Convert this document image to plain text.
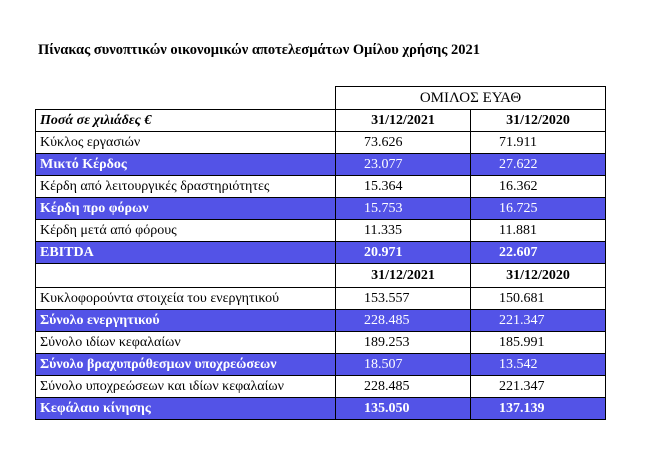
Πίνακας συνοπτικών οικονομικών αποτελεσμάτων Ομίλου χρήσης 2021
	ΟΜΙΛΟΣ ΕΥΑΘ	
Ποσά σε χιλιάδες €	31/12/2021	31/12/2020
Κύκλος εργασιών	73.626	71.911
Μικτό Κέρδος	23.077	27.622
Κέρδη από λειτουργικές δραστηριότητες	15.364	16.362
Κέρδη προ φόρων	15.753	16.725
Κέρδη μετά από φόρους	11.335	11.881
EBITDA	20.971	22.607
	31/12/2021	31/12/2020
Κυκλοφορούντα στοιχεία του ενεργητικού	153.557	150.681
Σύνολο ενεργητικού	228.485	221.347
Σύνολο ιδίων κεφαλαίων	189.253	185.991
Σύνολο βραχυπρόθεσμων υποχρεώσεων	18.507	13.542
Σύνολο υποχρεώσεων και ιδίων κεφαλαίων	228.485	221.347
Κεφάλαιο κίνησης	135.050	137.139
